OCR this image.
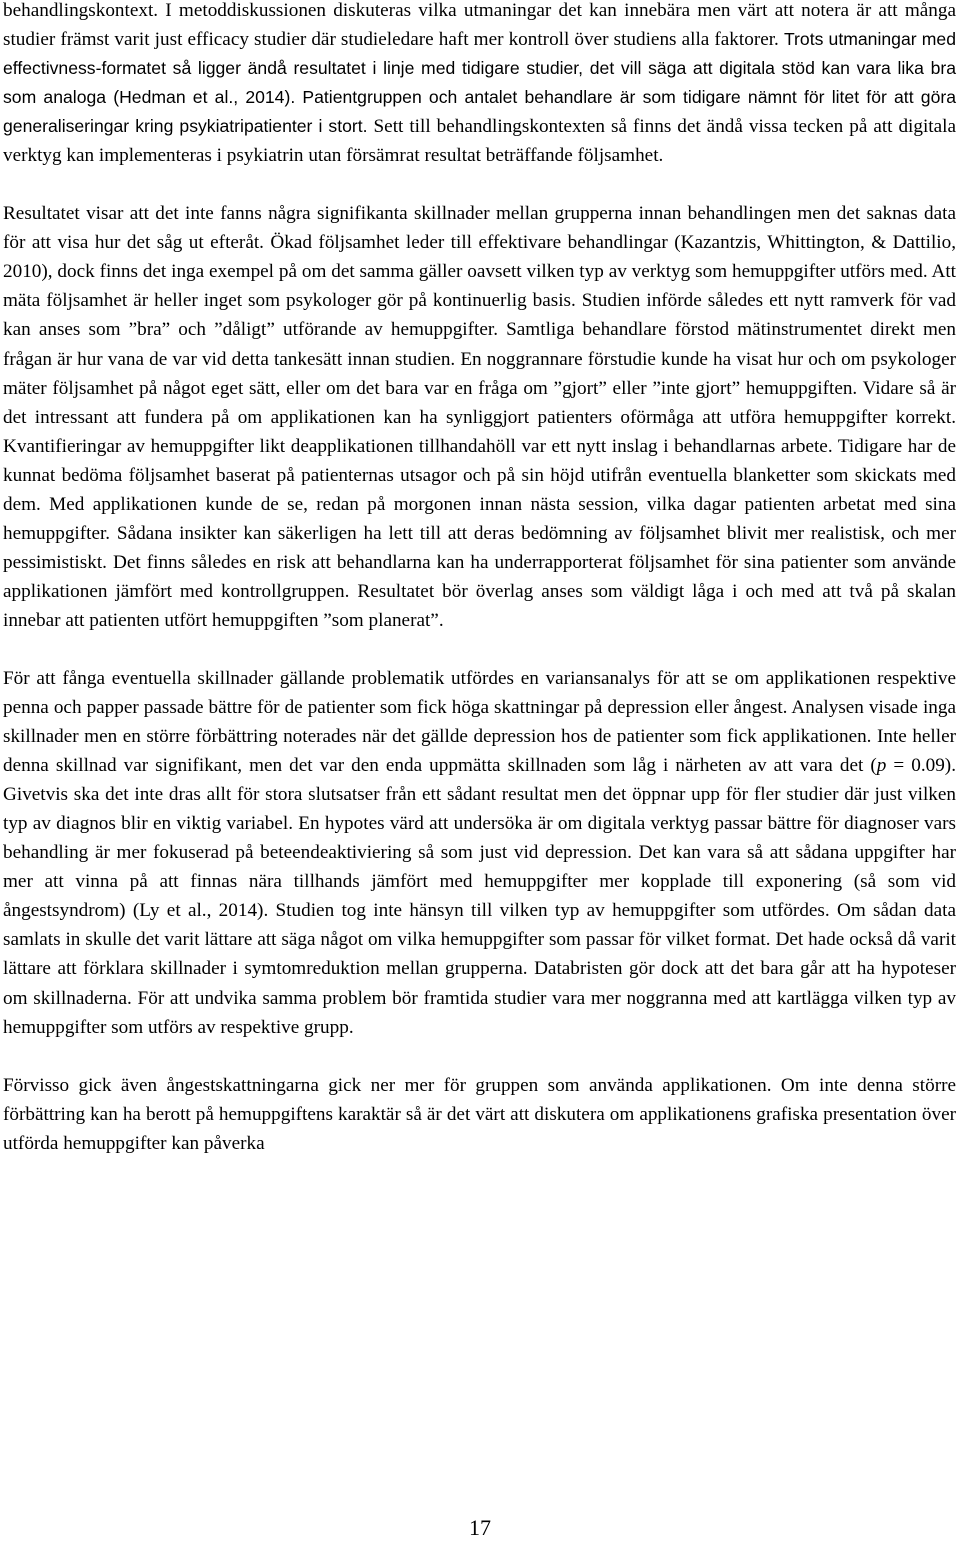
behandlingskontext. I metoddiskussionen diskuteras vilka utmaningar det kan innebära men värt att notera är att många studier främst varit just efficacy studier där studieledare haft mer kontroll över studiens alla faktorer. Trots utmaningar med effectivness-formatet så ligger ändå resultatet i linje med tidigare studier, det vill säga att digitala stöd kan vara lika bra som analoga (Hedman et al., 2014). Patientgruppen och antalet behandlare är som tidigare nämnt för litet för att göra generaliseringar kring psykiatripatienter i stort. Sett till behandlingskontexten så finns det ändå vissa tecken på att digitala verktyg kan implementeras i psykiatrin utan försämrat resultat beträffande följsamhet.

Resultatet visar att det inte fanns några signifikanta skillnader mellan grupperna innan behandlingen men det saknas data för att visa hur det såg ut efteråt. Ökad följsamhet leder till effektivare behandlingar (Kazantzis, Whittington, & Dattilio, 2010), dock finns det inga exempel på om det samma gäller oavsett vilken typ av verktyg som hemuppgifter utförs med. Att mäta följsamhet är heller inget som psykologer gör på kontinuerlig basis. Studien införde således ett nytt ramverk för vad kan anses som ”bra” och ”dåligt” utförande av hemuppgifter. Samtliga behandlare förstod mätinstrumentet direkt men frågan är hur vana de var vid detta tankesätt innan studien. En noggrannare förstudie kunde ha visat hur och om psykologer mäter följsamhet på något eget sätt, eller om det bara var en fråga om ”gjort” eller ”inte gjort” hemuppgiften. Vidare så är det intressant att fundera på om applikationen kan ha synliggjort patienters oförmåga att utföra hemuppgifter korrekt. Kvantifieringar av hemuppgifter likt deapplikationen tillhandahöll var ett nytt inslag i behandlarnas arbete. Tidigare har de kunnat bedöma följsamhet baserat på patienternas utsagor och på sin höjd utifrån eventuella blanketter som skickats med dem. Med applikationen kunde de se, redan på morgonen innan nästa session, vilka dagar patienten arbetat med sina hemuppgifter. Sådana insikter kan säkerligen ha lett till att deras bedömning av följsamhet blivit mer realistisk, och mer pessimistiskt. Det finns således en risk att behandlarna kan ha underrapporterat följsamhet för sina patienter som använde applikationen jämfört med kontrollgruppen. Resultatet bör överlag anses som väldigt låga i och med att två på skalan innebar att patienten utfört hemuppgiften ”som planerat”.

För att fånga eventuella skillnader gällande problematik utfördes en variansanalys för att se om applikationen respektive penna och papper passade bättre för de patienter som fick höga skattningar på depression eller ångest. Analysen visade inga skillnader men en större förbättring noterades när det gällde depression hos de patienter som fick applikationen. Inte heller denna skillnad var signifikant, men det var den enda uppmätta skillnaden som låg i närheten av att vara det (p = 0.09). Givetvis ska det inte dras allt för stora slutsatser från ett sådant resultat men det öppnar upp för fler studier där just vilken typ av diagnos blir en viktig variabel. En hypotes värd att undersöka är om digitala verktyg passar bättre för diagnoser vars behandling är mer fokuserad på beteendeaktiviering så som just vid depression. Det kan vara så att sådana uppgifter har mer att vinna på att finnas nära tillhands jämfört med hemuppgifter mer kopplade till exponering (så som vid ångestsyndrom) (Ly et al., 2014). Studien tog inte hänsyn till vilken typ av hemuppgifter som utfördes. Om sådan data samlats in skulle det varit lättare att säga något om vilka hemuppgifter som passar för vilket format. Det hade också då varit lättare att förklara skillnader i symtomreduktion mellan grupperna. Databristen gör dock att det bara går att ha hypoteser om skillnaderna. För att undvika samma problem bör framtida studier vara mer noggranna med att kartlägga vilken typ av hemuppgifter som utförs av respektive grupp.

Förvisso gick även ångestskattningarna gick ner mer för gruppen som använda applikationen. Om inte denna större förbättring kan ha berott på hemuppgiftens karaktär så är det värt att diskutera om applikationens grafiska presentation över utförda hemuppgifter kan påverka

17
